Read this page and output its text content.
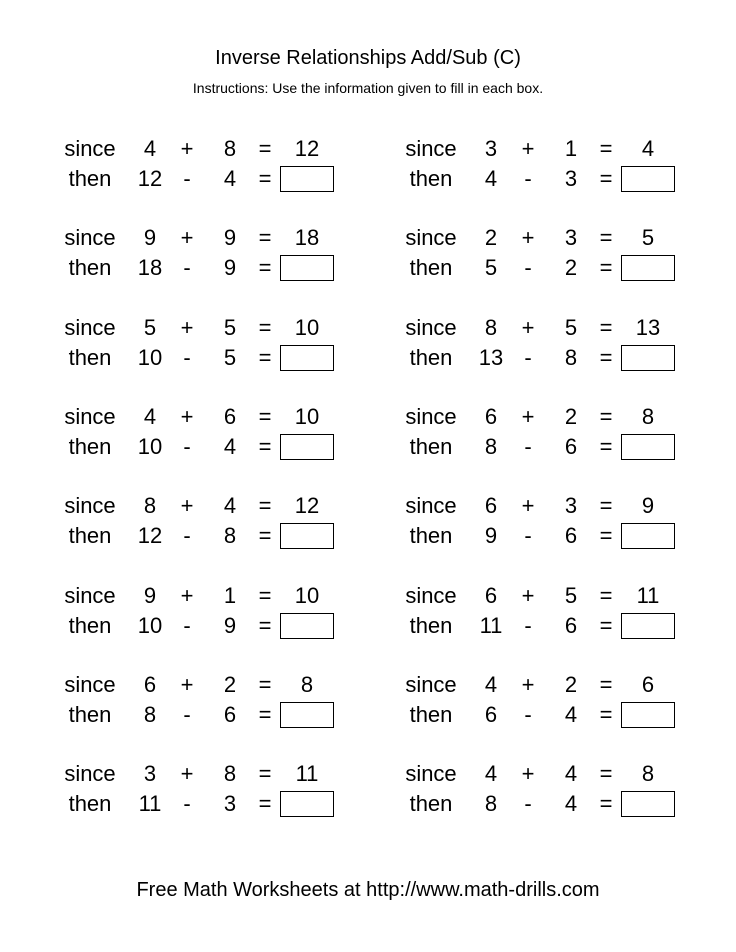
Inverse Relationships Add/Sub (C)
Instructions: Use the information given to fill in each box.
since	4	+	8	=	12
then	12 -	4	=
since	3	+	1	=	4
then	4	-	3	=
since	9	+	9	=	18
then	18 -	9	=
since	2	+	3	=	5
then	5	-	2	=
since	5	+	5	=	10
then	10 -	5	=
since	8	+	5	=	13
then	13 -	8	=
since	4	+	6	=	10
then	10 -	4	=
since	6	+	2	=	8
then	8	-	6	=
since	8	+	4	=	12
then	12 -	8	=
since	6	+	3	=	9
then	9	-	6	=
since	9	+	1	=	10
then	10 -	9	=
since	6	+	5	=	11
then	11 -	6	=
since	6	+	2	=	8
then	8	-	6	=
since	4	+	2	=	6
then	6	-	4	=
since	3	+	8	=	11
then	11 -	3	=
since	4	+	4	=	8
then	8	-	4	=
Free Math Worksheets at http://www.math-drills.com
